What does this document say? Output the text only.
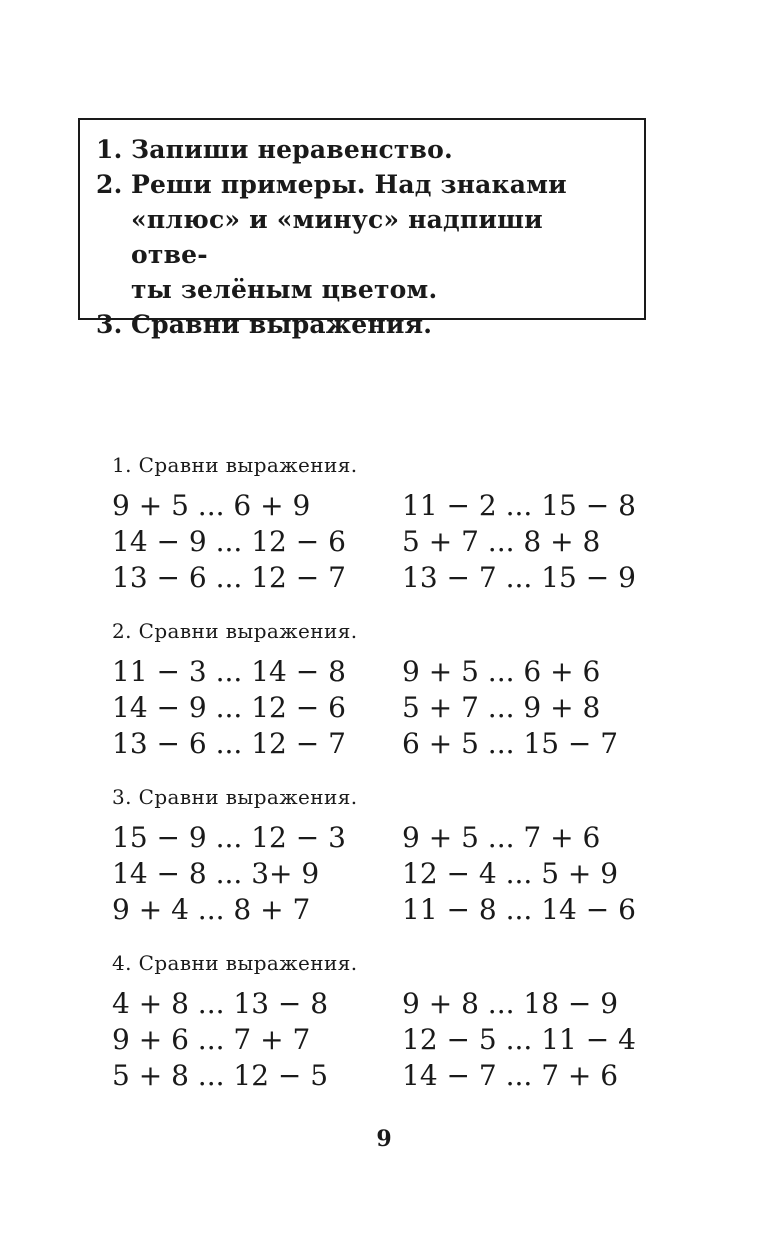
1. Запиши неравенство.
2. Реши примеры. Над знаками
«плюс» и «минус» надпиши отве-
ты зелёным цветом.
3. Сравни выражения.
1. Сравни выражения.
9 + 5 ... 6 + 9	11 − 2 ... 15 − 8
14 − 9 ... 12 − 6	5 + 7 ... 8 + 8
13 − 6 ... 12 − 7	13 − 7 ... 15 − 9
2. Сравни выражения.
11 − 3 ... 14 − 8	9 + 5 ... 6 + 6
14 − 9 ... 12 − 6	5 + 7 ... 9 + 8
13 − 6 ... 12 − 7	6 + 5 ... 15 − 7
3. Сравни выражения.
15 − 9 ... 12 − 3	9 + 5 ... 7 + 6
14 − 8 ... 3+ 9	12 − 4 ... 5 + 9
9 + 4 ... 8 + 7	11 − 8 ... 14 − 6
4. Сравни выражения.
4 + 8 ... 13 − 8	9 + 8 ... 18 − 9
9 + 6 ... 7 + 7	12 − 5 ... 11 − 4
5 + 8 ... 12 − 5	14 − 7 ... 7 + 6
9
